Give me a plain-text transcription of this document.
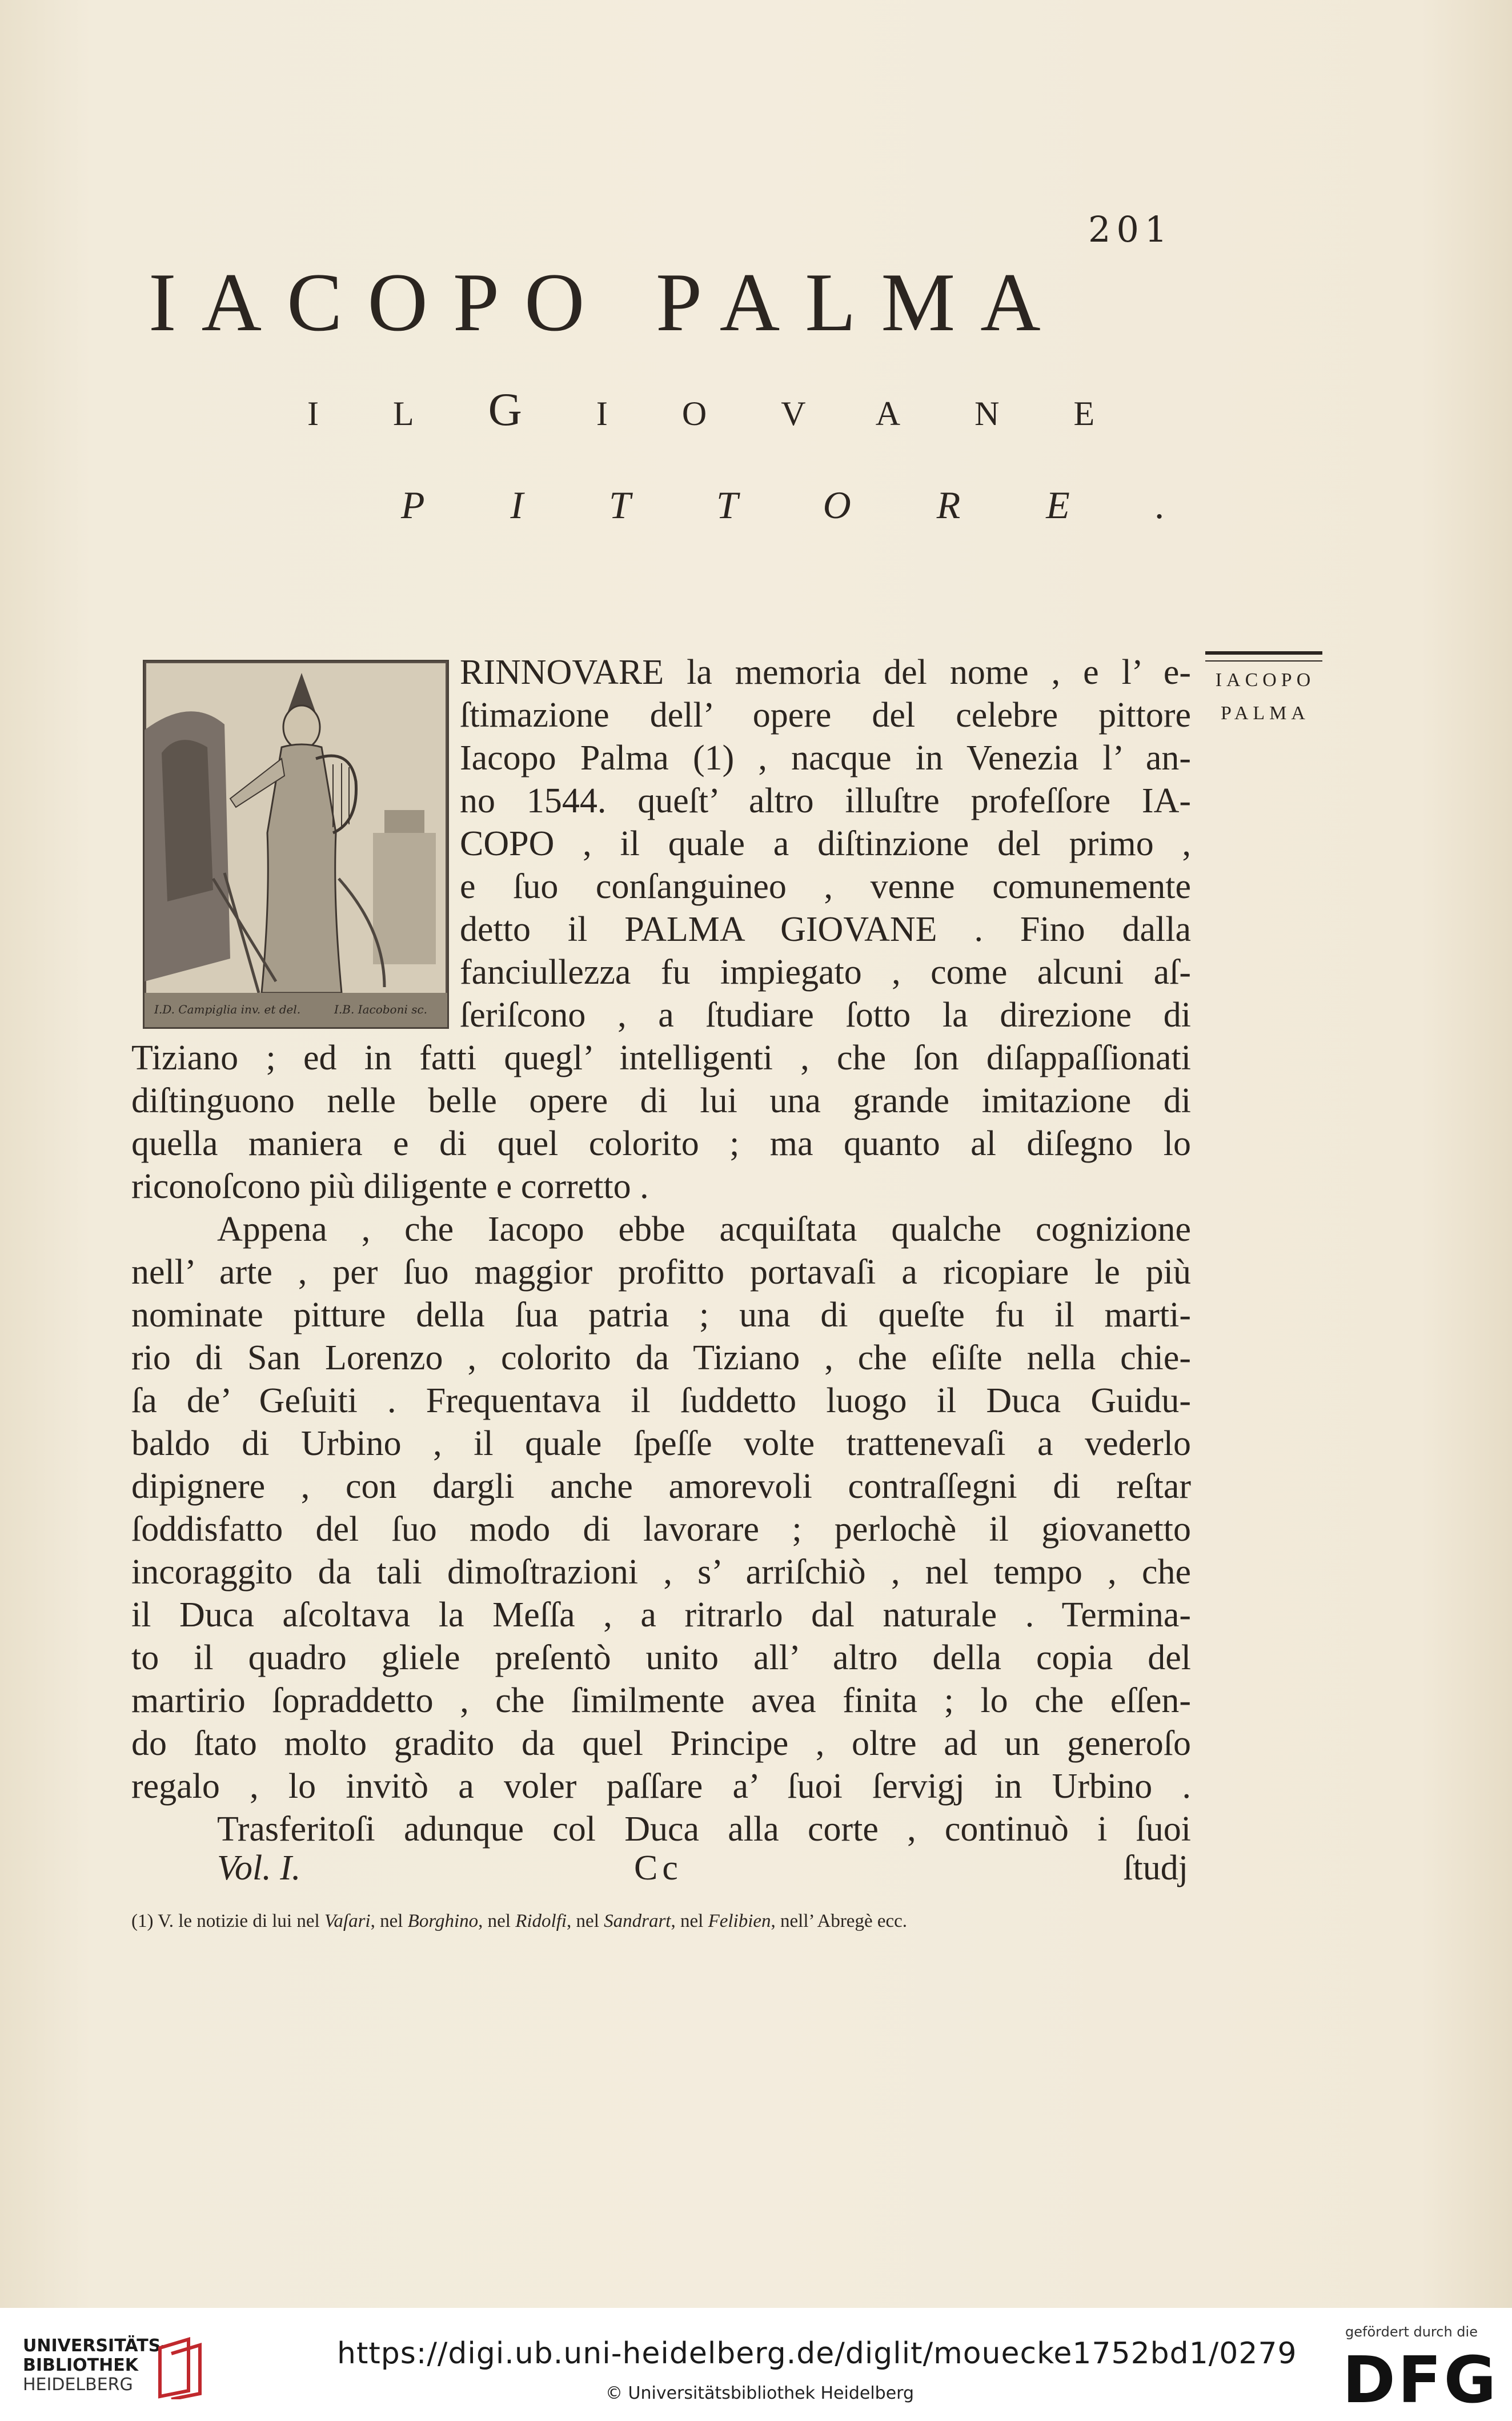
201
IACOPO PALMA
ILGIOVANE
PITTORE.
I.D. Campiglia inv. et del.	I.B. Iacoboni sc.
IACOPO
PALMA
RINNOVARE la memoria del nome , e l’ e-
ſtimazione dell’ opere del celebre pittore
Iacopo Palma (1) , nacque in Venezia l’ an-
no 1544. queſt’ altro illuſtre profeſſore IA-
COPO , il quale a diſtinzione del primo ,
e ſuo conſanguineo , venne comunemente
detto il PALMA GIOVANE . Fino dalla
fanciullezza fu impiegato , come alcuni aſ-
ſeriſcono , a ſtudiare ſotto la direzione di
Tiziano ; ed in fatti quegl’ intelligenti , che ſon diſappaſſionati
diſtinguono nelle belle opere di lui una grande imitazione di
quella maniera e di quel colorito ; ma quanto al diſegno lo
riconoſcono più diligente e corretto .
Appena , che Iacopo ebbe acquiſtata qualche cognizione
nell’ arte , per ſuo maggior profitto portavaſi a ricopiare le più
nominate pitture della ſua patria ; una di queſte fu il marti-
rio di San Lorenzo , colorito da Tiziano , che eſiſte nella chie-
ſa de’ Geſuiti . Frequentava il ſuddetto luogo il Duca Guidu-
baldo di Urbino , il quale ſpeſſe volte trattenevaſi a vederlo
dipignere , con dargli anche amorevoli contraſſegni di reſtar
ſoddisfatto del ſuo modo di lavorare ; perlochè il giovanetto
incoraggito da tali dimoſtrazioni , s’ arriſchiò , nel tempo , che
il Duca aſcoltava la Meſſa , a ritrarlo dal naturale . Termina-
to il quadro gliele preſentò unito all’ altro della copia del
martirio ſopraddetto , che ſimilmente avea finita ; lo che eſſen-
do ſtato molto gradito da quel Principe , oltre ad un generoſo
regalo , lo invitò a voler paſſare a’ ſuoi ſervigj in Urbino .
Trasferitoſi adunque col Duca alla corte , continuò i ſuoi
Vol. I.	Cc	ſtudj
(1) V. le notizie di lui nel Vaſari, nel Borghino, nel Ridolfi, nel Sandrart, nel Felibien, nell’ Abregè ecc.
UNIVERSITÄTS-
BIBLIOTHEK
HEIDELBERG
https://digi.ub.uni-heidelberg.de/diglit/mouecke1752bd1/0279
© Universitätsbibliothek Heidelberg
gefördert durch die
DFG
